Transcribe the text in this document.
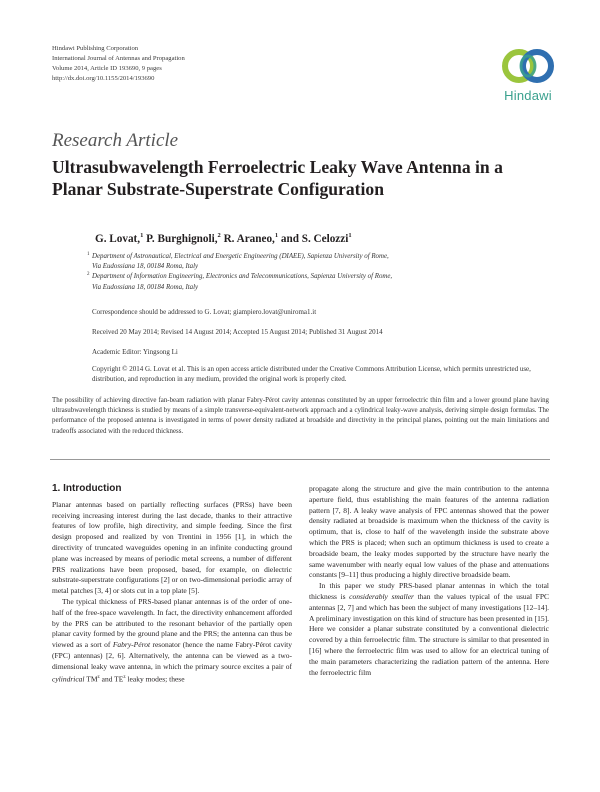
Hindawi Publishing Corporation
International Journal of Antennas and Propagation
Volume 2014, Article ID 193690, 9 pages
http://dx.doi.org/10.1155/2014/193690
Hindawi
Research Article
Ultrasubwavelength Ferroelectric Leaky Wave Antenna in a Planar Substrate-Superstrate Configuration
G. Lovat,$^1$ P. Burghignoli,$^2$ R. Araneo,$^1$ and S. Celozzi$^1$
1 Department of Astronautical, Electrical and Energetic Engineering (DIAEE), Sapienza University of Rome,
Via Eudossiana 18, 00184 Roma, Italy
2 Department of Information Engineering, Electronics and Telecommunications, Sapienza University of Rome,
Via Eudossiana 18, 00184 Roma, Italy
Correspondence should be addressed to G. Lovat; giampiero.lovat@uniroma1.it
Received 20 May 2014; Revised 14 August 2014; Accepted 15 August 2014; Published 31 August 2014
Academic Editor: Yingsong Li
Copyright © 2014 G. Lovat et al. This is an open access article distributed under the Creative Commons Attribution License, which permits unrestricted use, distribution, and reproduction in any medium, provided the original work is properly cited.
The possibility of achieving directive fan-beam radiation with planar Fabry-Pérot cavity antennas constituted by an upper ferroelectric thin film and a lower ground plane having ultrasubwavelength thickness is studied by means of a simple transverse-equivalent-network approach and a cylindrical leaky-wave analysis, deriving simple design formulas. The performance of the proposed antenna is investigated in terms of power density radiated at broadside and directivity in the principal planes, pointing out the main limitations and tradeoffs associated with the reduced thickness.
1. Introduction

Planar antennas based on partially reflecting surfaces (PRSs) have been receiving increasing interest during the last decade, thanks to their attractive features of low profile, high directivity, and simple feeding. Since the first design proposed and realized by von Trentini in 1956 [1], in which the directivity of truncated waveguides opening in an infinite conducting ground plane was increased by means of periodic metal screens, a number of different PRS realizations have been proposed, based, for example, on dielectric substrate-superstrate configurations [2] or on two-dimensional periodic array of metal patches [3, 4] or slots cut in a top plate [5].

The typical thickness of PRS-based planar antennas is of the order of one-half of the free-space wavelength. In fact, the directivity enhancement afforded by the PRS can be attributed to the resonant behavior of the partially open planar cavity formed by the ground plane and the PRS; the antenna can thus be viewed as a sort of Fabry-Pérot resonator (hence the name Fabry-Pérot cavity (FPC) antennas) [2, 6]. Alternatively, the antenna can be viewed as a two-dimensional leaky wave antenna, in which the primary source excites a pair of cylindrical $TM^z$ and $TE^z$ leaky modes; these

propagate along the structure and give the main contribution to the antenna aperture field, thus establishing the main features of the antenna radiation pattern [7, 8]. A leaky wave analysis of FPC antennas showed that the power density radiated at broadside is maximum when the thickness of the cavity is optimum, that is, close to half of the wavelength inside the substrate above which the PRS is placed; when such an optimum thickness is used to create a broadside beam, the leaky modes supported by the structure have nearly the same wavenumber with nearly equal low values of the phase and attenuations constants [9–11] thus producing a highly directive broadside beam.

In this paper we study PRS-based planar antennas in which the total thickness is considerably smaller than the values typical of the usual FPC antennas [2, 7] and which has been the subject of many investigations [12–14]. A preliminary investigation on this kind of structure has been presented in [15]. Here we consider a planar substrate constituted by a conventional dielectric covered by a thin ferroelectric film. The structure is similar to that presented in [16] where the ferroelectric film was used to allow for an electrical tuning of the main parameters characterizing the radiation pattern of the antenna. Here the ferroelectric film
